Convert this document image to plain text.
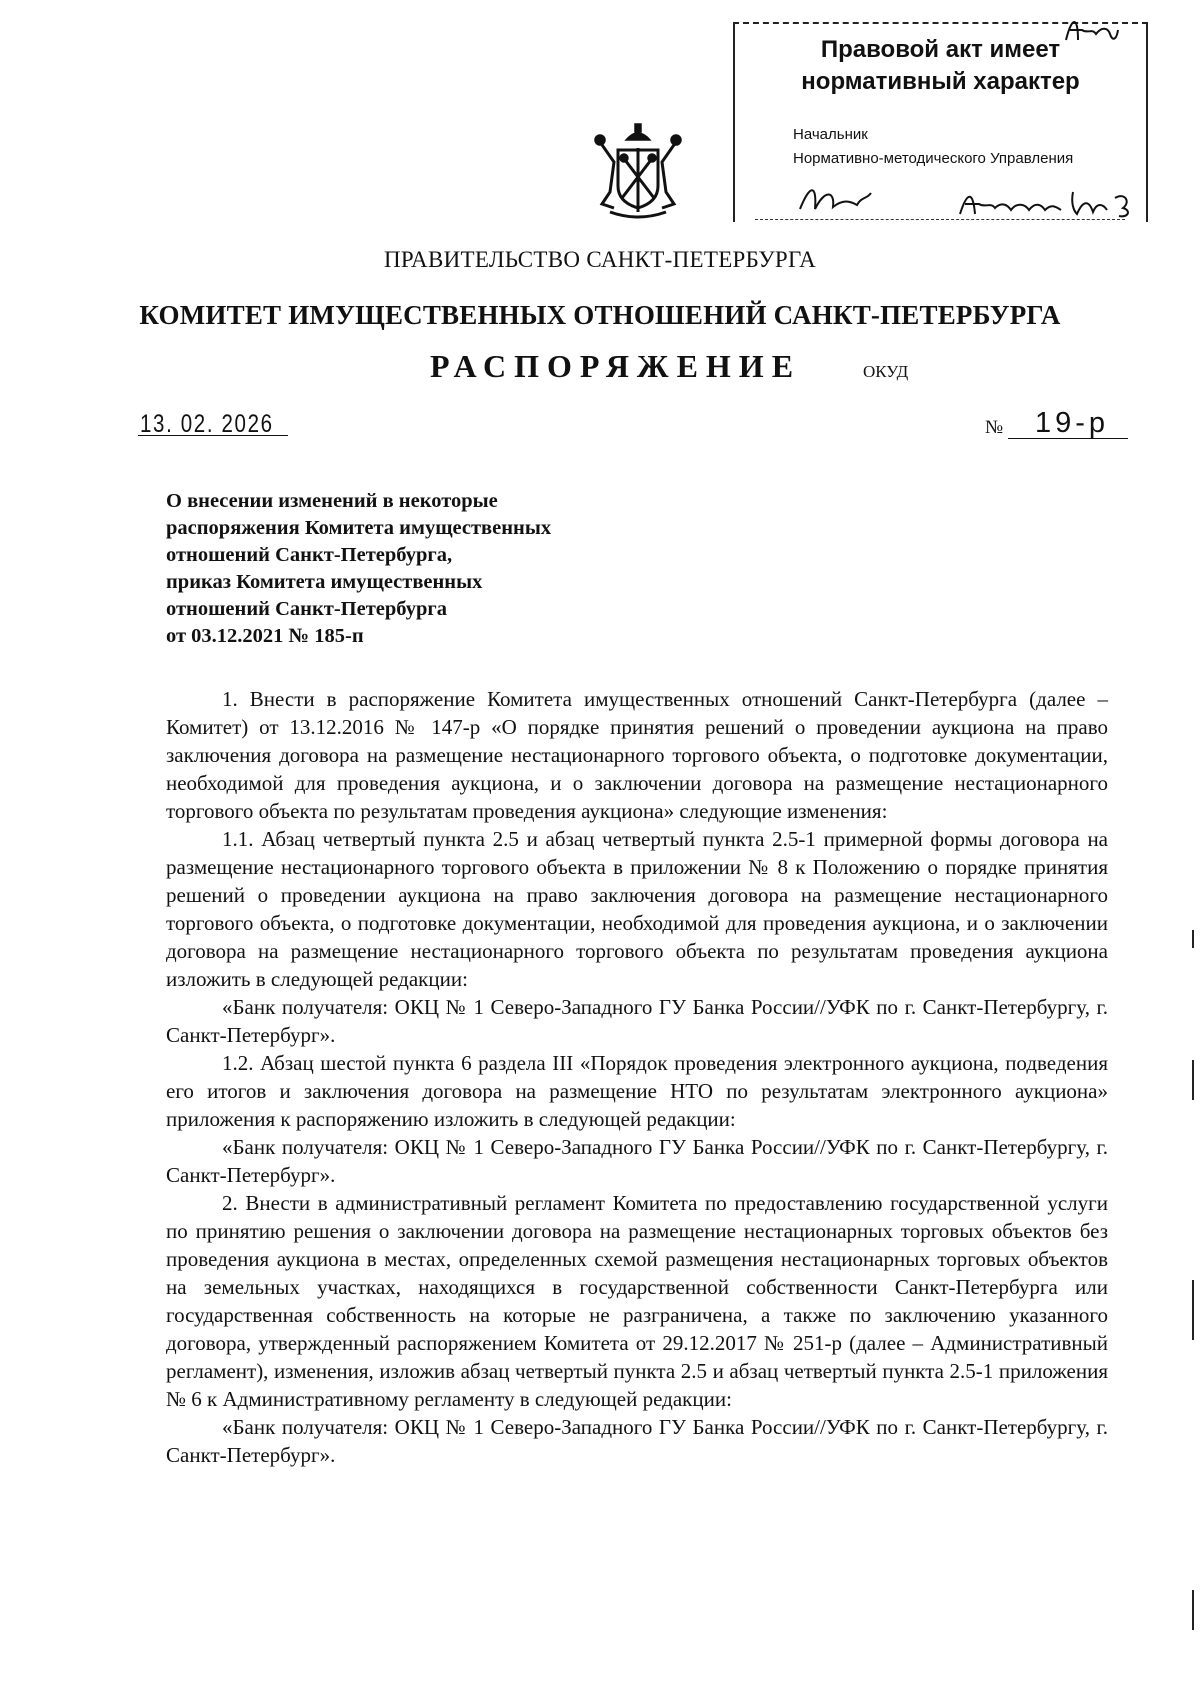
Правовой акт имеет
нормативный характер
Начальник
Нормативно-методического Управления
ПРАВИТЕЛЬСТВО САНКТ-ПЕТЕРБУРГА
КОМИТЕТ ИМУЩЕСТВЕННЫХ ОТНОШЕНИЙ САНКТ-ПЕТЕРБУРГА
РАСПОРЯЖЕНИЕ	ОКУД
13. 02. 2026	№ 19-р
О внесении изменений в некоторые
распоряжения Комитета имущественных
отношений Санкт-Петербурга,
приказ Комитета имущественных
отношений Санкт-Петербурга
от 03.12.2021 № 185-п

1. Внести в распоряжение Комитета имущественных отношений Санкт-Петербурга (далее – Комитет) от 13.12.2016 № 147-р «О порядке принятия решений о проведении аукциона на право заключения договора на размещение нестационарного торгового объекта, о подготовке документации, необходимой для проведения аукциона, и о заключении договора на размещение нестационарного торгового объекта по результатам проведения аукциона» следующие изменения:

1.1. Абзац четвертый пункта 2.5 и абзац четвертый пункта 2.5-1 примерной формы договора на размещение нестационарного торгового объекта в приложении № 8 к Положению о порядке принятия решений о проведении аукциона на право заключения договора на размещение нестационарного торгового объекта, о подготовке документации, необходимой для проведения аукциона, и о заключении договора на размещение нестационарного торгового объекта по результатам проведения аукциона изложить в следующей редакции:

«Банк получателя: ОКЦ № 1 Северо-Западного ГУ Банка России//УФК по г. Санкт-Петербургу, г. Санкт-Петербург».

1.2. Абзац шестой пункта 6 раздела III «Порядок проведения электронного аукциона, подведения его итогов и заключения договора на размещение НТО по результатам электронного аукциона» приложения к распоряжению изложить в следующей редакции:

«Банк получателя: ОКЦ № 1 Северо-Западного ГУ Банка России//УФК по г. Санкт-Петербургу, г. Санкт-Петербург».

2. Внести в административный регламент Комитета по предоставлению государственной услуги по принятию решения о заключении договора на размещение нестационарных торговых объектов без проведения аукциона в местах, определенных схемой размещения нестационарных торговых объектов на земельных участках, находящихся в государственной собственности Санкт-Петербурга или государственная собственность на которые не разграничена, а также по заключению указанного договора, утвержденный распоряжением Комитета от 29.12.2017 № 251-р (далее – Административный регламент), изменения, изложив абзац четвертый пункта 2.5 и абзац четвертый пункта 2.5-1 приложения № 6 к Административному регламенту в следующей редакции:

«Банк получателя: ОКЦ № 1 Северо-Западного ГУ Банка России//УФК по г. Санкт-Петербургу, г. Санкт-Петербург».
